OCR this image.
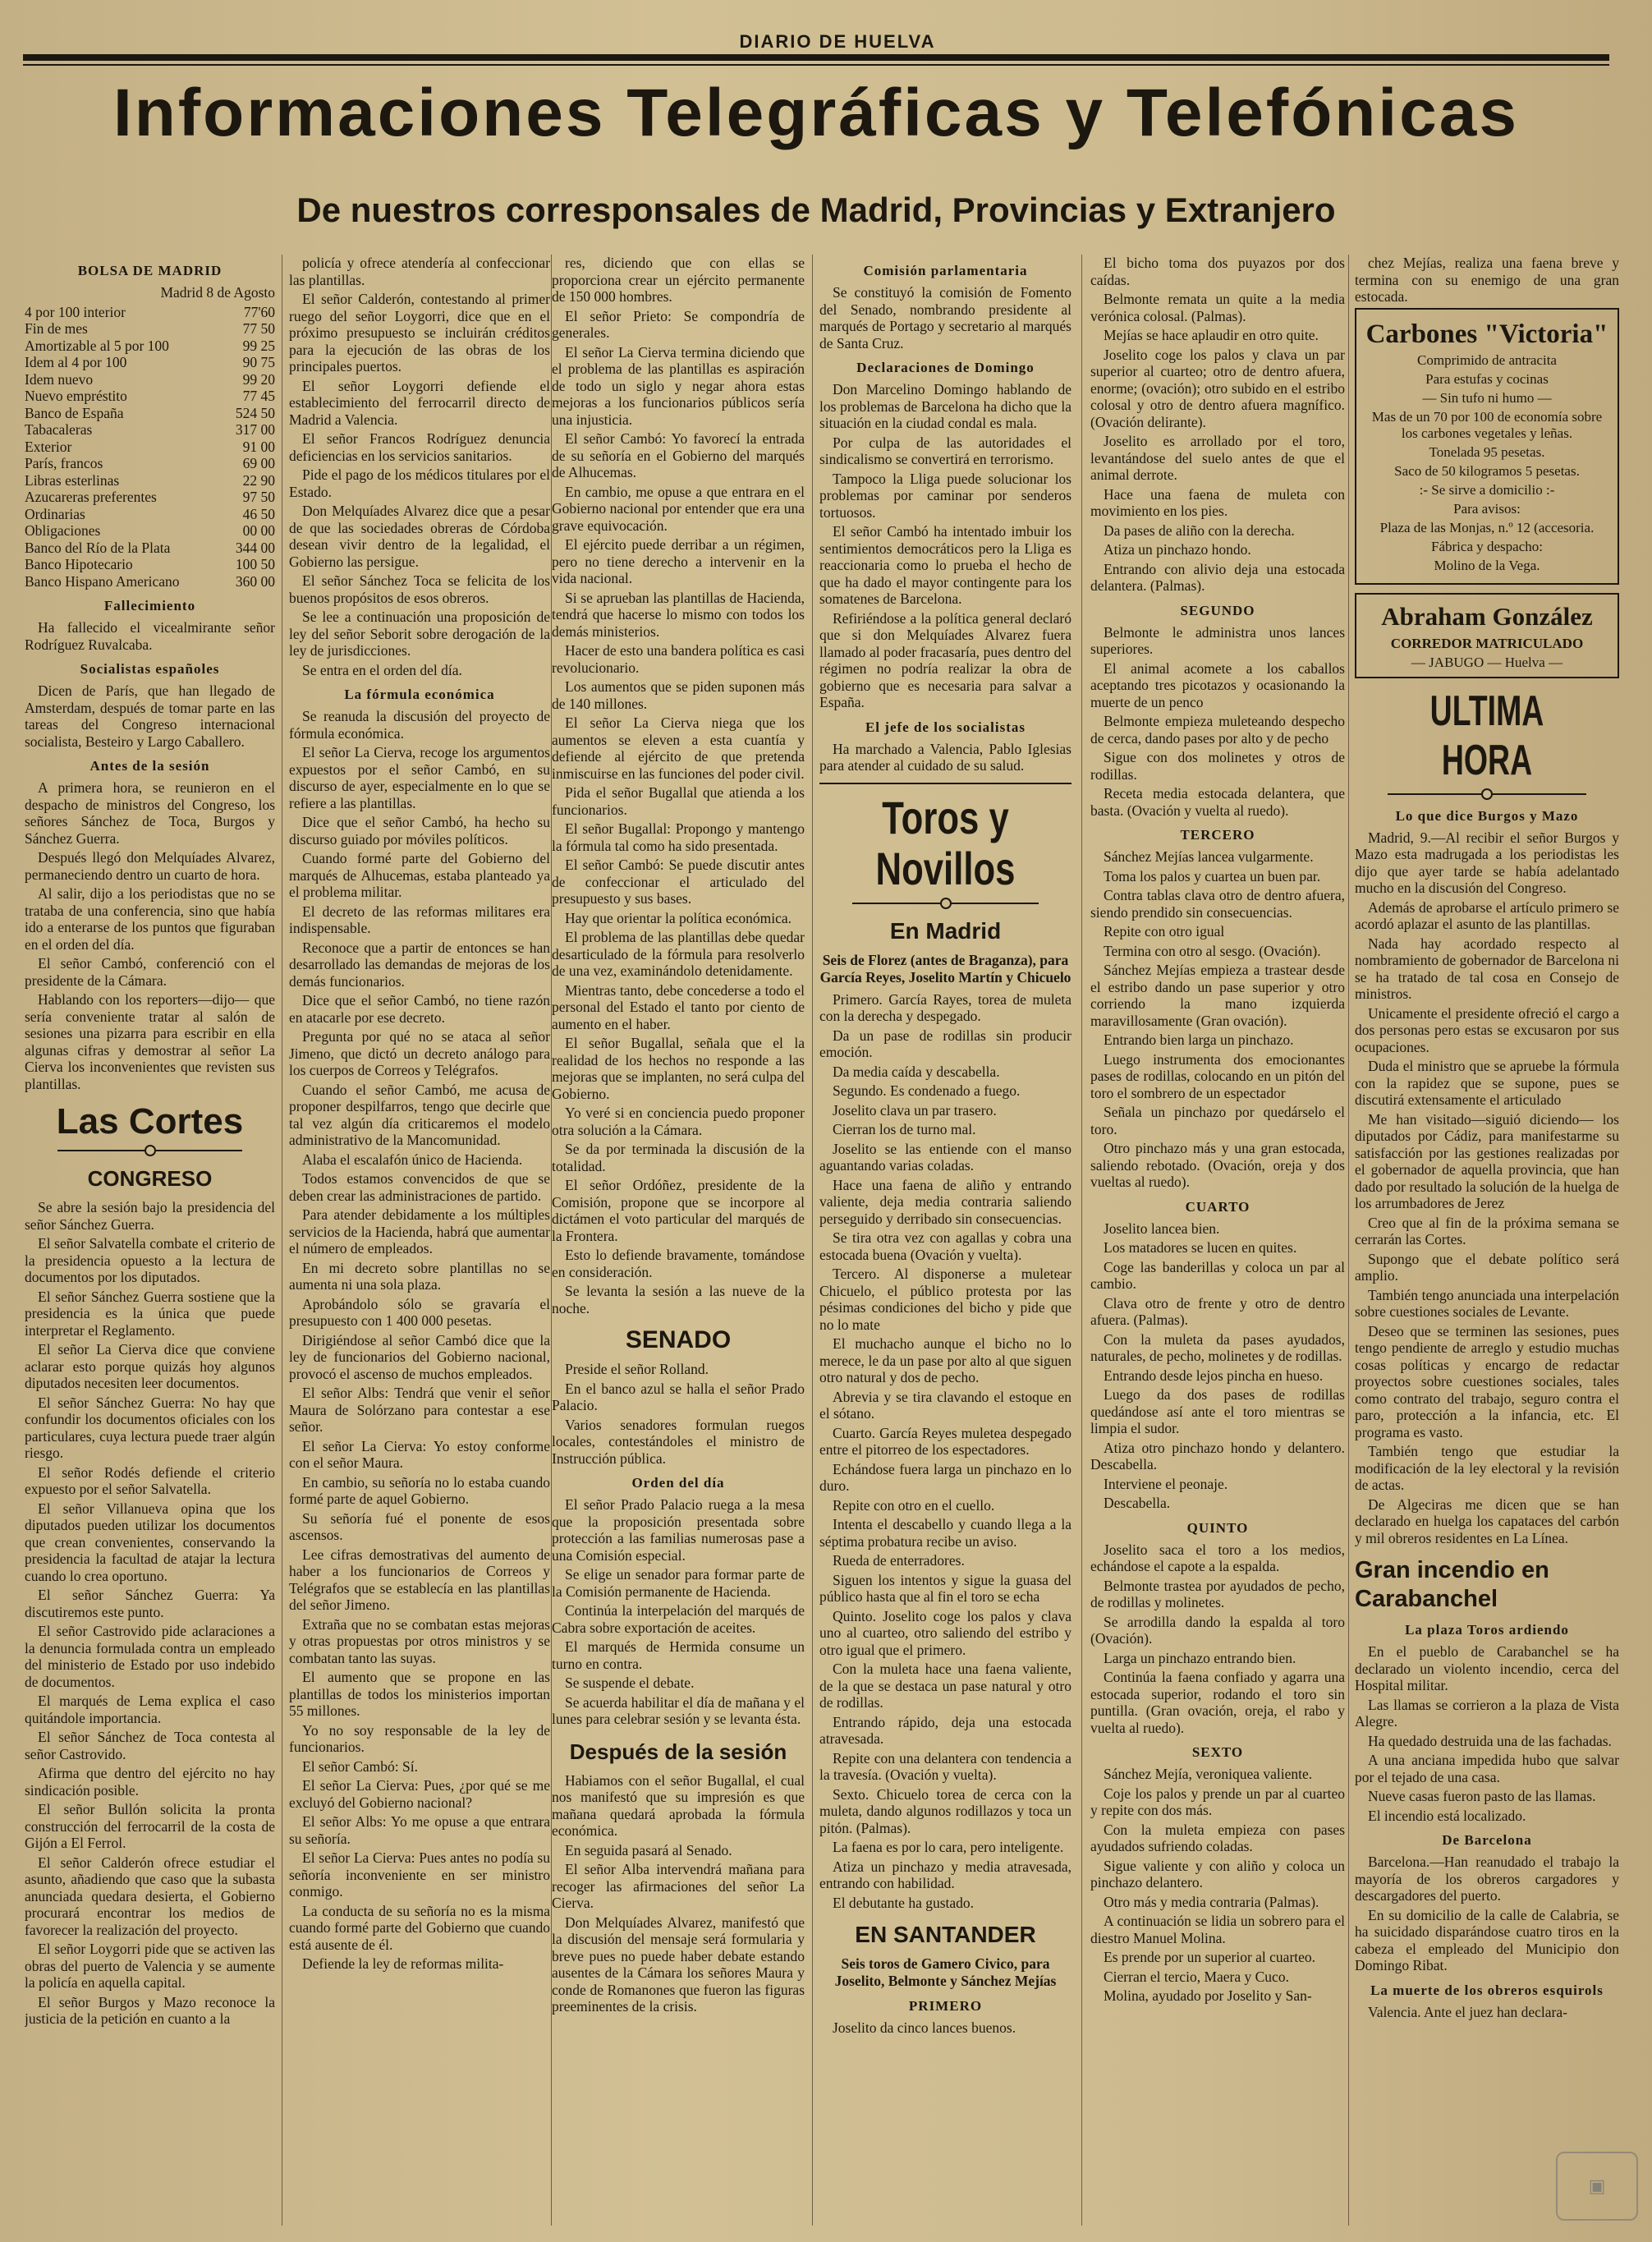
DIARIO DE HUELVA
Informaciones Telegráficas y Telefónicas
De nuestros corresponsales de Madrid, Provincias y Extranjero
BOLSA DE MADRID

Madrid 8 de Agosto

4 por 100 interior	77'60
Fin de mes	77 50
Amortizable al 5 por 100	99 25
Idem al 4 por 100	90 75
Idem nuevo	99 20
Nuevo empréstito	77 45
Banco de España	524 50
Tabacaleras	317 00
Exterior	91 00
París, francos	69 00
Libras esterlinas	22 90
Azucareras preferentes	97 50
Ordinarias	46 50
Obligaciones	00 00
Banco del Río de la Plata	344 00
Banco Hipotecario	100 50
Banco Hispano Americano	360 00
Fallecimiento

Ha fallecido el vicealmirante señor Rodríguez Ruvalcaba.

Socialistas españoles

Dicen de París, que han llegado de Amsterdam, después de tomar parte en las tareas del Congreso internacional socialista, Besteiro y Largo Caballero.

Antes de la sesión

A primera hora, se reunieron en el despacho de ministros del Congreso, los señores Sánchez de Toca, Burgos y Sánchez Guerra.

Después llegó don Melquíades Alvarez, permaneciendo dentro un cuarto de hora.

Al salir, dijo a los periodistas que no se trataba de una conferencia, sino que había ido a enterarse de los puntos que figuraban en el orden del día.

El señor Cambó, conferenció con el presidente de la Cámara.

Hablando con los reporters—dijo— que sería conveniente tratar al salón de sesiones una pizarra para escribir en ella algunas cifras y demostrar al señor La Cierva los inconvenientes que revisten sus plantillas.

Las Cortes
CONGRESO

Se abre la sesión bajo la presidencia del señor Sánchez Guerra.

El señor Salvatella combate el criterio de la presidencia opuesto a la lectura de documentos por los diputados.

El señor Sánchez Guerra sostiene que la presidencia es la única que puede interpretar el Reglamento.

El señor La Cierva dice que conviene aclarar esto porque quizás hoy algunos diputados necesiten leer documentos.

El señor Sánchez Guerra: No hay que confundir los documentos oficiales con los particulares, cuya lectura puede traer algún riesgo.

El señor Rodés defiende el criterio expuesto por el señor Salvatella.

El señor Villanueva opina que los diputados pueden utilizar los documentos que crean convenientes, conservando la presidencia la facultad de atajar la lectura cuando lo crea oportuno.

El señor Sánchez Guerra: Ya discutiremos este punto.

El señor Castrovido pide aclaraciones a la denuncia formulada contra un empleado del ministerio de Estado por uso indebido de documentos.

El marqués de Lema explica el caso quitándole importancia.

El señor Sánchez de Toca contesta al señor Castrovido.

Afirma que dentro del ejército no hay sindicación posible.

El señor Bullón solicita la pronta construcción del ferrocarril de la costa de Gijón a El Ferrol.

El señor Calderón ofrece estudiar el asunto, añadiendo que caso que la subasta anunciada quedara desierta, el Gobierno procurará encontrar los medios de favorecer la realización del proyecto.

El señor Loygorri pide que se activen las obras del puerto de Valencia y se aumente la policía en aquella capital.

El señor Burgos y Mazo reconoce la justicia de la petición en cuanto a la

policía y ofrece atendería al confeccionar las plantillas.

El señor Calderón, contestando al primer ruego del señor Loygorri, dice que en el próximo presupuesto se incluirán créditos para la ejecución de las obras de los principales puertos.

El señor Loygorri defiende el establecimiento del ferrocarril directo de Madrid a Valencia.

El señor Francos Rodríguez denuncia deficiencias en los servicios sanitarios.

Pide el pago de los médicos titulares por el Estado.

Don Melquíades Alvarez dice que a pesar de que las sociedades obreras de Córdoba desean vivir dentro de la legalidad, el Gobierno las persigue.

El señor Sánchez Toca se felicita de los buenos propósitos de esos obreros.

Se lee a continuación una proposición de ley del señor Seborit sobre derogación de la ley de jurisdicciones.

Se entra en el orden del día.

La fórmula económica

Se reanuda la discusión del proyecto de fórmula económica.

El señor La Cierva, recoge los argumentos expuestos por el señor Cambó, en su discurso de ayer, especialmente en lo que se refiere a las plantillas.

Dice que el señor Cambó, ha hecho su discurso guiado por móviles políticos.

Cuando formé parte del Gobierno del marqués de Alhucemas, estaba planteado ya el problema militar.

El decreto de las reformas militares era indispensable.

Reconoce que a partir de entonces se han desarrollado las demandas de mejoras de los demás funcionarios.

Dice que el señor Cambó, no tiene razón en atacarle por ese decreto.

Pregunta por qué no se ataca al señor Jimeno, que dictó un decreto análogo para los cuerpos de Correos y Telégrafos.

Cuando el señor Cambó, me acusa de proponer despilfarros, tengo que decirle que tal vez algún día criticaremos el modelo administrativo de la Mancomunidad.

Alaba el escalafón único de Hacienda.

Todos estamos convencidos de que se deben crear las administraciones de partido.

Para atender debidamente a los múltiples servicios de la Hacienda, habrá que aumentar el número de empleados.

En mi decreto sobre plantillas no se aumenta ni una sola plaza.

Aprobándolo sólo se gravaría el presupuesto con 1 400 000 pesetas.

Dirigiéndose al señor Cambó dice que la ley de funcionarios del Gobierno nacional, provocó el ascenso de muchos empleados.

El señor Albs: Tendrá que venir el señor Maura de Solórzano para contestar a ese señor.

El señor La Cierva: Yo estoy conforme con el señor Maura.

En cambio, su señoría no lo estaba cuando formé parte de aquel Gobierno.

Su señoría fué el ponente de esos ascensos.

Lee cifras demostrativas del aumento de haber a los funcionarios de Correos y Telégrafos que se establecía en las plantillas del señor Jimeno.

Extraña que no se combatan estas mejoras y otras propuestas por otros ministros y se combatan tanto las suyas.

El aumento que se propone en las plantillas de todos los ministerios importan 55 millones.

Yo no soy responsable de la ley de funcionarios.

El señor Cambó: Sí.

El señor La Cierva: Pues, ¿por qué se me excluyó del Gobierno nacional?

El señor Albs: Yo me opuse a que entrara su señoría.

El señor La Cierva: Pues antes no podía su señoría inconveniente en ser ministro conmigo.

La conducta de su señoría no es la misma cuando formé parte del Gobierno que cuando está ausente de él.

Defiende la ley de reformas milita-

res, diciendo que con ellas se proporciona crear un ejército permanente de 150 000 hombres.

El señor Prieto: Se compondría de generales.

El señor La Cierva termina diciendo que el problema de las plantillas es aspiración de todo un siglo y negar ahora estas mejoras a los funcionarios públicos sería una injusticia.

El señor Cambó: Yo favorecí la entrada de su señoría en el Gobierno del marqués de Alhucemas.

En cambio, me opuse a que entrara en el Gobierno nacional por entender que era una grave equivocación.

El ejército puede derribar a un régimen, pero no tiene derecho a intervenir en la vida nacional.

Si se aprueban las plantillas de Hacienda, tendrá que hacerse lo mismo con todos los demás ministerios.

Hacer de esto una bandera política es casi revolucionario.

Los aumentos que se piden suponen más de 140 millones.

El señor La Cierva niega que los aumentos se eleven a esta cuantía y defiende al ejército de que pretenda inmiscuirse en las funciones del poder civil.

Pida el señor Bugallal que atienda a los funcionarios.

El señor Bugallal: Propongo y mantengo la fórmula tal como ha sido presentada.

El señor Cambó: Se puede discutir antes de confeccionar el articulado del presupuesto y sus bases.

Hay que orientar la política económica.

El problema de las plantillas debe quedar desarticulado de la fórmula para resolverlo de una vez, examinándolo detenidamente.

Mientras tanto, debe concederse a todo el personal del Estado el tanto por ciento de aumento en el haber.

El señor Bugallal, señala que el la realidad de los hechos no responde a las mejoras que se implanten, no será culpa del Gobierno.

Yo veré si en conciencia puedo proponer otra solución a la Cámara.

Se da por terminada la discusión de la totalidad.

El señor Ordóñez, presidente de la Comisión, propone que se incorpore al dictámen el voto particular del marqués de la Frontera.

Esto lo defiende bravamente, tomándose en consideración.

Se levanta la sesión a las nueve de la noche.

SENADO

Preside el señor Rolland.

En el banco azul se halla el señor Prado Palacio.

Varios senadores formulan ruegos locales, contestándoles el ministro de Instrucción pública.

Orden del día

El señor Prado Palacio ruega a la mesa que la proposición presentada sobre protección a las familias numerosas pase a una Comisión especial.

Se elige un senador para formar parte de la Comisión permanente de Hacienda.

Continúa la interpelación del marqués de Cabra sobre exportación de aceites.

El marqués de Hermida consume un turno en contra.

Se suspende el debate.

Se acuerda habilitar el día de mañana y el lunes para celebrar sesión y se levanta ésta.

Después de la sesión

Habiamos con el señor Bugallal, el cual nos manifestó que su impresión es que mañana quedará aprobada la fórmula económica.

En seguida pasará al Senado.

El señor Alba intervendrá mañana para recoger las afirmaciones del señor La Cierva.

Don Melquíades Alvarez, manifestó que la discusión del mensaje será formularia y breve pues no puede haber debate estando ausentes de la Cámara los señores Maura y conde de Romanones que fueron las figuras preeminentes de la crisis.

Comisión parlamentaria

Se constituyó la comisión de Fomento del Senado, nombrando presidente al marqués de Portago y secretario al marqués de Santa Cruz.

Declaraciones de Domingo

Don Marcelino Domingo hablando de los problemas de Barcelona ha dicho que la situación en la ciudad condal es mala.

Por culpa de las autoridades el sindicalismo se convertirá en terrorismo.

Tampoco la Lliga puede solucionar los problemas por caminar por senderos tortuosos.

El señor Cambó ha intentado imbuir los sentimientos democráticos pero la Lliga es reaccionaria como lo prueba el hecho de que ha dado el mayor contingente para los somatenes de Barcelona.

Refiriéndose a la política general declaró que si don Melquíades Alvarez fuera llamado al poder fracasaría, pues dentro del régimen no podría realizar la obra de gobierno que es necesaria para salvar a España.

El jefe de los socialistas

Ha marchado a Valencia, Pablo Iglesias para atender al cuidado de su salud.

Toros y Novillos
En Madrid
Seis de Florez (antes de Braganza), para García Reyes, Joselito Martín y Chicuelo

Primero. García Rayes, torea de muleta con la derecha y despegado.

Da un pase de rodillas sin producir emoción.

Da media caída y descabella.

Segundo. Es condenado a fuego.

Joselito clava un par trasero.

Cierran los de turno mal.

Joselito se las entiende con el manso aguantando varias coladas.

Hace una faena de aliño y entrando valiente, deja media contraria saliendo perseguido y derribado sin consecuencias.

Se tira otra vez con agallas y cobra una estocada buena (Ovación y vuelta).

Tercero. Al disponerse a muletear Chicuelo, el público protesta por las pésimas condiciones del bicho y pide que no lo mate

El muchacho aunque el bicho no lo merece, le da un pase por alto al que siguen otro natural y dos de pecho.

Abrevia y se tira clavando el estoque en el sótano.

Cuarto. García Reyes muletea despegado entre el pitorreo de los espectadores.

Echándose fuera larga un pinchazo en lo duro.

Repite con otro en el cuello.

Intenta el descabello y cuando llega a la séptima probatura recibe un aviso.

Rueda de enterradores.

Siguen los intentos y sigue la guasa del público hasta que al fin el toro se echa

Quinto. Joselito coge los palos y clava uno al cuarteo, otro saliendo del estribo y otro igual que el primero.

Con la muleta hace una faena valiente, de la que se destaca un pase natural y otro de rodillas.

Entrando rápido, deja una estocada atravesada.

Repite con una delantera con tendencia a la travesía. (Ovación y vuelta).

Sexto. Chicuelo torea de cerca con la muleta, dando algunos rodillazos y toca un pitón. (Palmas).

La faena es por lo cara, pero inteligente.

Atiza un pinchazo y media atravesada, entrando con habilidad.

El debutante ha gustado.

EN SANTANDER
Seis toros de Gamero Civico, para Joselito, Belmonte y Sánchez Mejías
PRIMERO

Joselito da cinco lances buenos.

El bicho toma dos puyazos por dos caídas.

Belmonte remata un quite a la media verónica colosal. (Palmas).

Mejías se hace aplaudir en otro quite.

Joselito coge los palos y clava un par superior al cuarteo; otro de dentro afuera, enorme; (ovación); otro subido en el estribo colosal y otro de dentro afuera magnífico. (Ovación delirante).

Joselito es arrollado por el toro, levantándose del suelo antes de que el animal derrote.

Hace una faena de muleta con movimiento en los pies.

Da pases de aliño con la derecha.

Atiza un pinchazo hondo.

Entrando con alivio deja una estocada delantera. (Palmas).

SEGUNDO

Belmonte le administra unos lances superiores.

El animal acomete a los caballos aceptando tres picotazos y ocasionando la muerte de un penco

Belmonte empieza muleteando despecho de cerca, dando pases por alto y de pecho

Sigue con dos molinetes y otros de rodillas.

Receta media estocada delantera, que basta. (Ovación y vuelta al ruedo).

TERCERO

Sánchez Mejías lancea vulgarmente.

Toma los palos y cuartea un buen par.

Contra tablas clava otro de dentro afuera, siendo prendido sin consecuencias.

Repite con otro igual

Termina con otro al sesgo. (Ovación).

Sánchez Mejías empieza a trastear desde el estribo dando un pase superior y otro corriendo la mano izquierda maravillosamente (Gran ovación).

Entrando bien larga un pinchazo.

Luego instrumenta dos emocionantes pases de rodillas, colocando en un pitón del toro el sombrero de un espectador

Señala un pinchazo por quedárselo el toro.

Otro pinchazo más y una gran estocada, saliendo rebotado. (Ovación, oreja y dos vueltas al ruedo).

CUARTO

Joselito lancea bien.

Los matadores se lucen en quites.

Coge las banderillas y coloca un par al cambio.

Clava otro de frente y otro de dentro afuera. (Palmas).

Con la muleta da pases ayudados, naturales, de pecho, molinetes y de rodillas.

Entrando desde lejos pincha en hueso.

Luego da dos pases de rodillas quedándose así ante el toro mientras se limpia el sudor.

Atiza otro pinchazo hondo y delantero. Descabella.

Interviene el peonaje.

Descabella.

QUINTO

Joselito saca el toro a los medios, echándose el capote a la espalda.

Belmonte trastea por ayudados de pecho, de rodillas y molinetes.

Se arrodilla dando la espalda al toro (Ovación).

Larga un pinchazo entrando bien.

Continúa la faena confiado y agarra una estocada superior, rodando el toro sin puntilla. (Gran ovación, oreja, el rabo y vuelta al ruedo).

SEXTO

Sánchez Mejía, veroniquea valiente.

Coje los palos y prende un par al cuarteo y repite con dos más.

Con la muleta empieza con pases ayudados sufriendo coladas.

Sigue valiente y con aliño y coloca un pinchazo delantero.

Otro más y media contraria (Palmas).

A continuación se lidia un sobrero para el diestro Manuel Molina.

Es prende por un superior al cuarteo.

Cierran el tercio, Maera y Cuco.

Molina, ayudado por Joselito y San-

chez Mejías, realiza una faena breve y termina con su enemigo de una gran estocada.

Carbones "Victoria"

Comprimido de antracita

Para estufas y cocinas

— Sin tufo ni humo —

Mas de un 70 por 100 de economía sobre los carbones vegetales y leñas.

Tonelada 95 pesetas.

Saco de 50 kilogramos 5 pesetas.

:- Se sirve a domicilio :-

Para avisos:

Plaza de las Monjas, n.º 12 (accesoria.

Fábrica y despacho:

Molino de la Vega.

Abraham González

CORREDOR MATRICULADO

— JABUGO — Huelva —

ULTIMA HORA
Lo que dice Burgos y Mazo

Madrid, 9.—Al recibir el señor Burgos y Mazo esta madrugada a los periodistas les dijo que ayer tarde se había adelantado mucho en la discusión del Congreso.

Además de aprobarse el artículo primero se acordó aplazar el asunto de las plantillas.

Nada hay acordado respecto al nombramiento de gobernador de Barcelona ni se ha tratado de tal cosa en Consejo de ministros.

Unicamente el presidente ofreció el cargo a dos personas pero estas se excusaron por sus ocupaciones.

Duda el ministro que se apruebe la fórmula con la rapidez que se supone, pues se discutirá extensamente el articulado

Me han visitado—siguió diciendo— los diputados por Cádiz, para manifestarme su satisfacción por las gestiones realizadas por el gobernador de aquella provincia, que han dado por resultado la solución de la huelga de los arrumbadores de Jerez

Creo que al fin de la próxima semana se cerrarán las Cortes.

Supongo que el debate político será amplio.

También tengo anunciada una interpelación sobre cuestiones sociales de Levante.

Deseo que se terminen las sesiones, pues tengo pendiente de arreglo y estudio muchas cosas políticas y encargo de redactar proyectos sobre cuestiones sociales, tales como contrato del trabajo, seguro contra el paro, protección a la infancia, etc. El programa es vasto.

También tengo que estudiar la modificación de la ley electoral y la revisión de actas.

De Algeciras me dicen que se han declarado en huelga los capataces del carbón y mil obreros residentes en La Línea.

Gran incendio en Carabanchel
La plaza Toros ardiendo

En el pueblo de Carabanchel se ha declarado un violento incendio, cerca del Hospital militar.

Las llamas se corrieron a la plaza de Vista Alegre.

Ha quedado destruida una de las fachadas.

A una anciana impedida hubo que salvar por el tejado de una casa.

Nueve casas fueron pasto de las llamas.

El incendio está localizado.

De Barcelona

Barcelona.—Han reanudado el trabajo la mayoría de los obreros cargadores y descargadores del puerto.

En su domicilio de la calle de Calabria, se ha suicidado disparándose cuatro tiros en la cabeza el empleado del Municipio don Domingo Ribat.

La muerte de los obreros esquirols

Valencia. Ante el juez han declara-

▣
